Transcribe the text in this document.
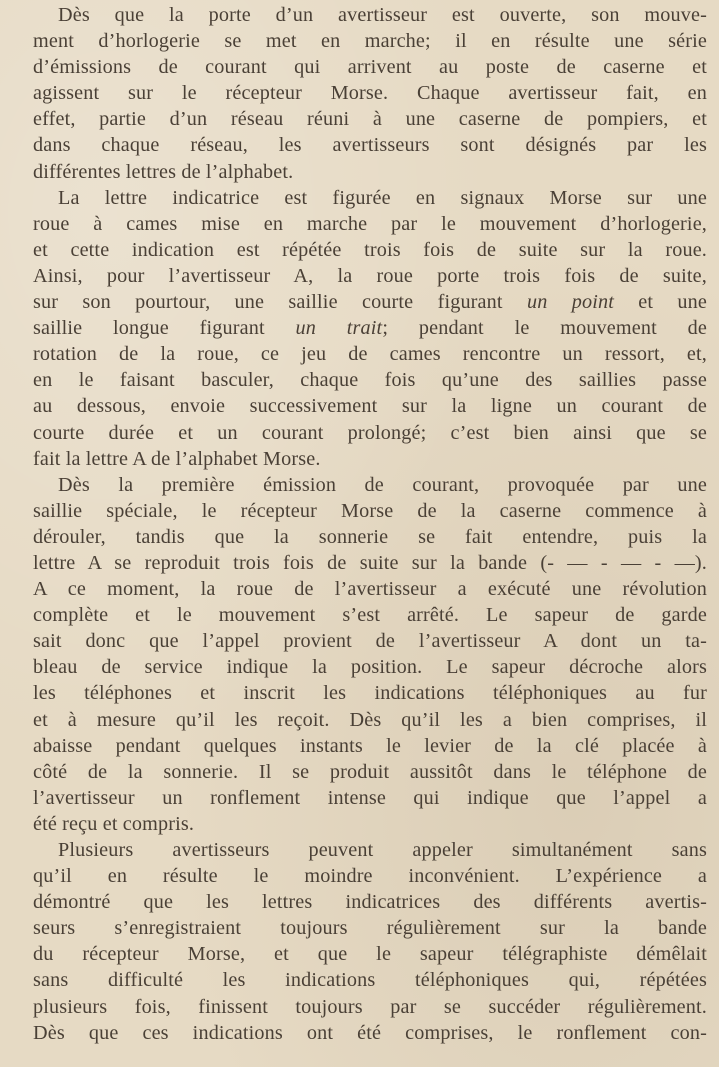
Dès que la porte d’un avertisseur est ouverte, son mouve-
ment d’horlogerie se met en marche; il en résulte une série
d’émissions de courant qui arrivent au poste de caserne et
agissent sur le récepteur Morse. Chaque avertisseur fait, en
effet, partie d’un réseau réuni à une caserne de pompiers, et
dans chaque réseau, les avertisseurs sont désignés par les
différentes lettres de l’alphabet.
La lettre indicatrice est figurée en signaux Morse sur une
roue à cames mise en marche par le mouvement d’horlogerie,
et cette indication est répétée trois fois de suite sur la roue.
Ainsi, pour l’avertisseur A, la roue porte trois fois de suite,
sur son pourtour, une saillie courte figurant un point et une
saillie longue figurant un trait; pendant le mouvement de
rotation de la roue, ce jeu de cames rencontre un ressort, et,
en le faisant basculer, chaque fois qu’une des saillies passe
au dessous, envoie successivement sur la ligne un courant de
courte durée et un courant prolongé; c’est bien ainsi que se
fait la lettre A de l’alphabet Morse.
Dès la première émission de courant, provoquée par une
saillie spéciale, le récepteur Morse de la caserne commence à
dérouler, tandis que la sonnerie se fait entendre, puis la
lettre A se reproduit trois fois de suite sur la bande (- — - — - —).
A ce moment, la roue de l’avertisseur a exécuté une révolution
complète et le mouvement s’est arrêté. Le sapeur de garde
sait donc que l’appel provient de l’avertisseur A dont un ta-
bleau de service indique la position. Le sapeur décroche alors
les téléphones et inscrit les indications téléphoniques au fur
et à mesure qu’il les reçoit. Dès qu’il les a bien comprises, il
abaisse pendant quelques instants le levier de la clé placée à
côté de la sonnerie. Il se produit aussitôt dans le téléphone de
l’avertisseur un ronflement intense qui indique que l’appel a
été reçu et compris.
Plusieurs avertisseurs peuvent appeler simultanément sans
qu’il en résulte le moindre inconvénient. L’expérience a
démontré que les lettres indicatrices des différents avertis-
seurs s’enregistraient toujours régulièrement sur la bande
du récepteur Morse, et que le sapeur télégraphiste démêlait
sans difficulté les indications téléphoniques qui, répétées
plusieurs fois, finissent toujours par se succéder régulièrement.
Dès que ces indications ont été comprises, le ronflement con-
